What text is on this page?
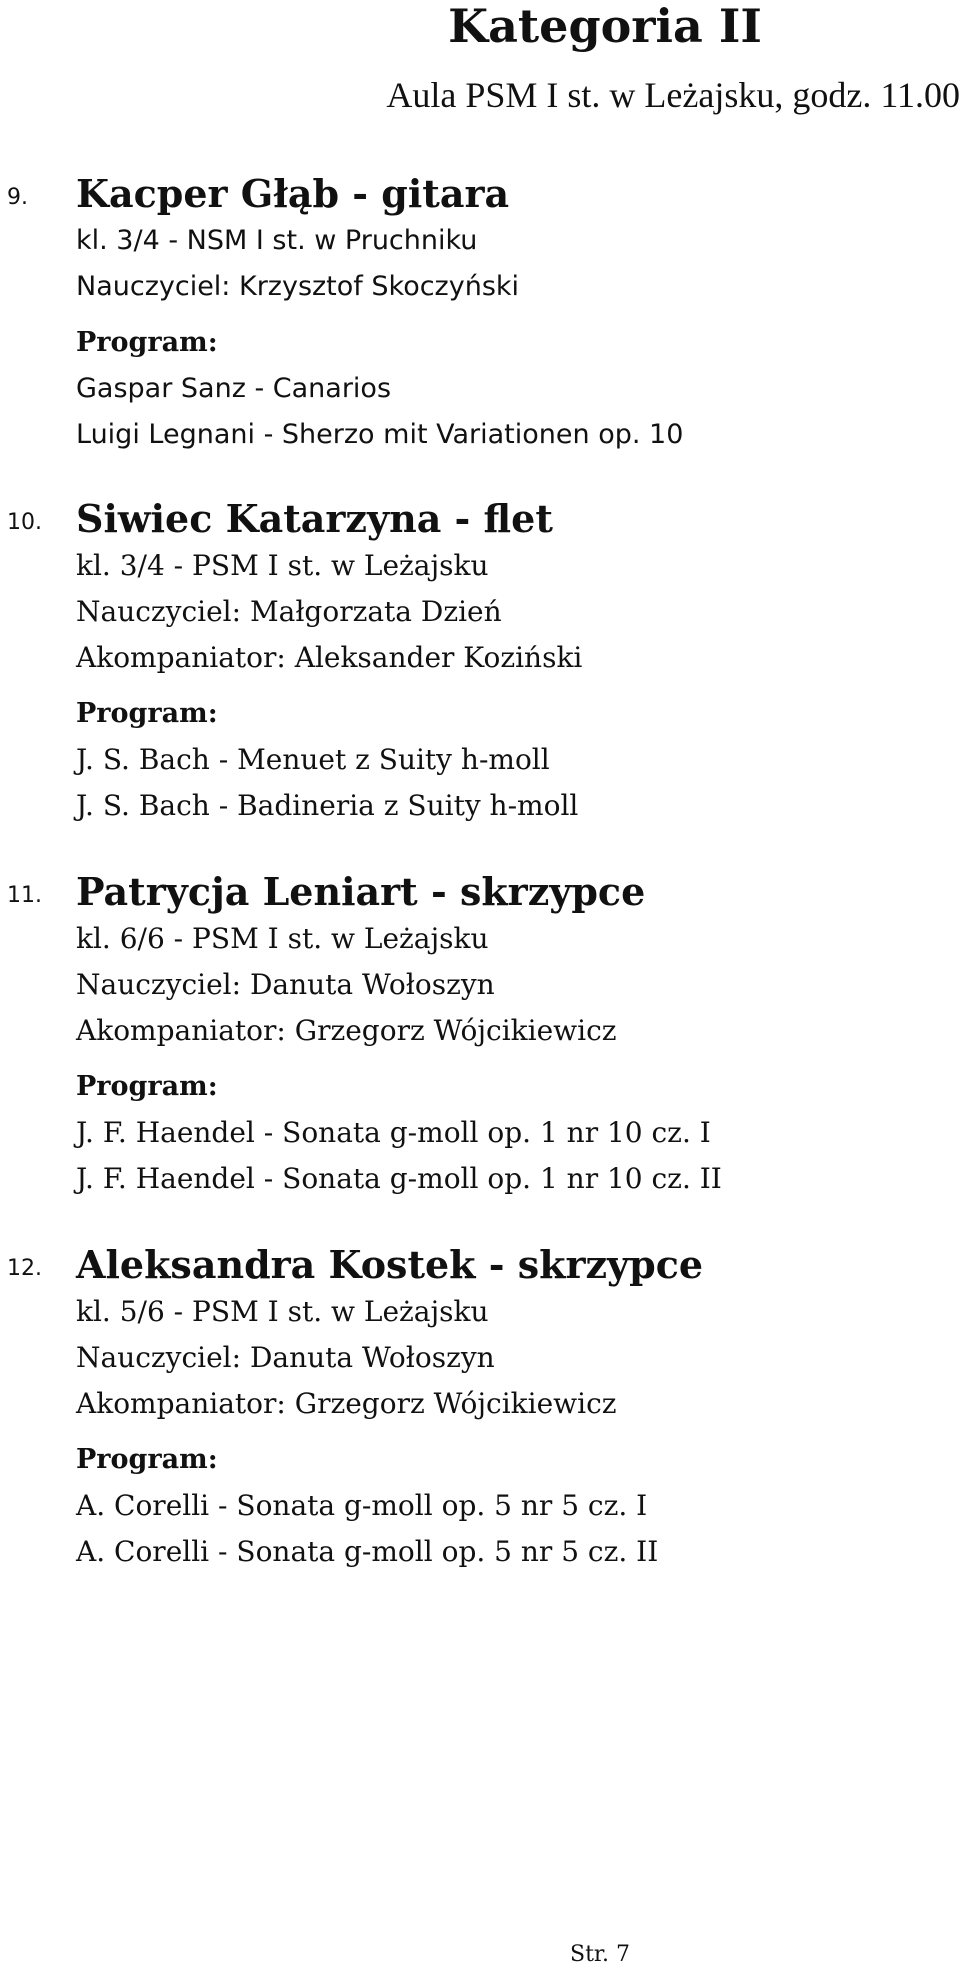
Kategoria II
Aula PSM I st. w Leżajsku, godz. 11.00
9. Kacper Głąb - gitara
kl. 3/4 - NSM I st. w Pruchniku
Nauczyciel: Krzysztof Skoczyński
Program:
Gaspar Sanz - Canarios
Luigi Legnani - Sherzo mit Variationen op. 10
10. Siwiec Katarzyna - flet
kl. 3/4 - PSM I st. w Leżajsku
Nauczyciel: Małgorzata Dzień
Akompaniator: Aleksander Koziński
Program:
J. S. Bach - Menuet z Suity h-moll
J. S. Bach - Badineria z Suity h-moll
11. Patrycja Leniart - skrzypce
kl. 6/6 - PSM I st. w Leżajsku
Nauczyciel: Danuta Wołoszyn
Akompaniator: Grzegorz Wójcikiewicz
Program:
J. F. Haendel - Sonata g-moll op. 1 nr 10 cz. I
J. F. Haendel - Sonata g-moll op. 1 nr 10 cz. II
12. Aleksandra Kostek - skrzypce
kl. 5/6 - PSM I st. w Leżajsku
Nauczyciel: Danuta Wołoszyn
Akompaniator: Grzegorz Wójcikiewicz
Program:
A. Corelli - Sonata g-moll op. 5 nr 5 cz. I
A. Corelli - Sonata g-moll op. 5 nr 5 cz. II
Str. 7
